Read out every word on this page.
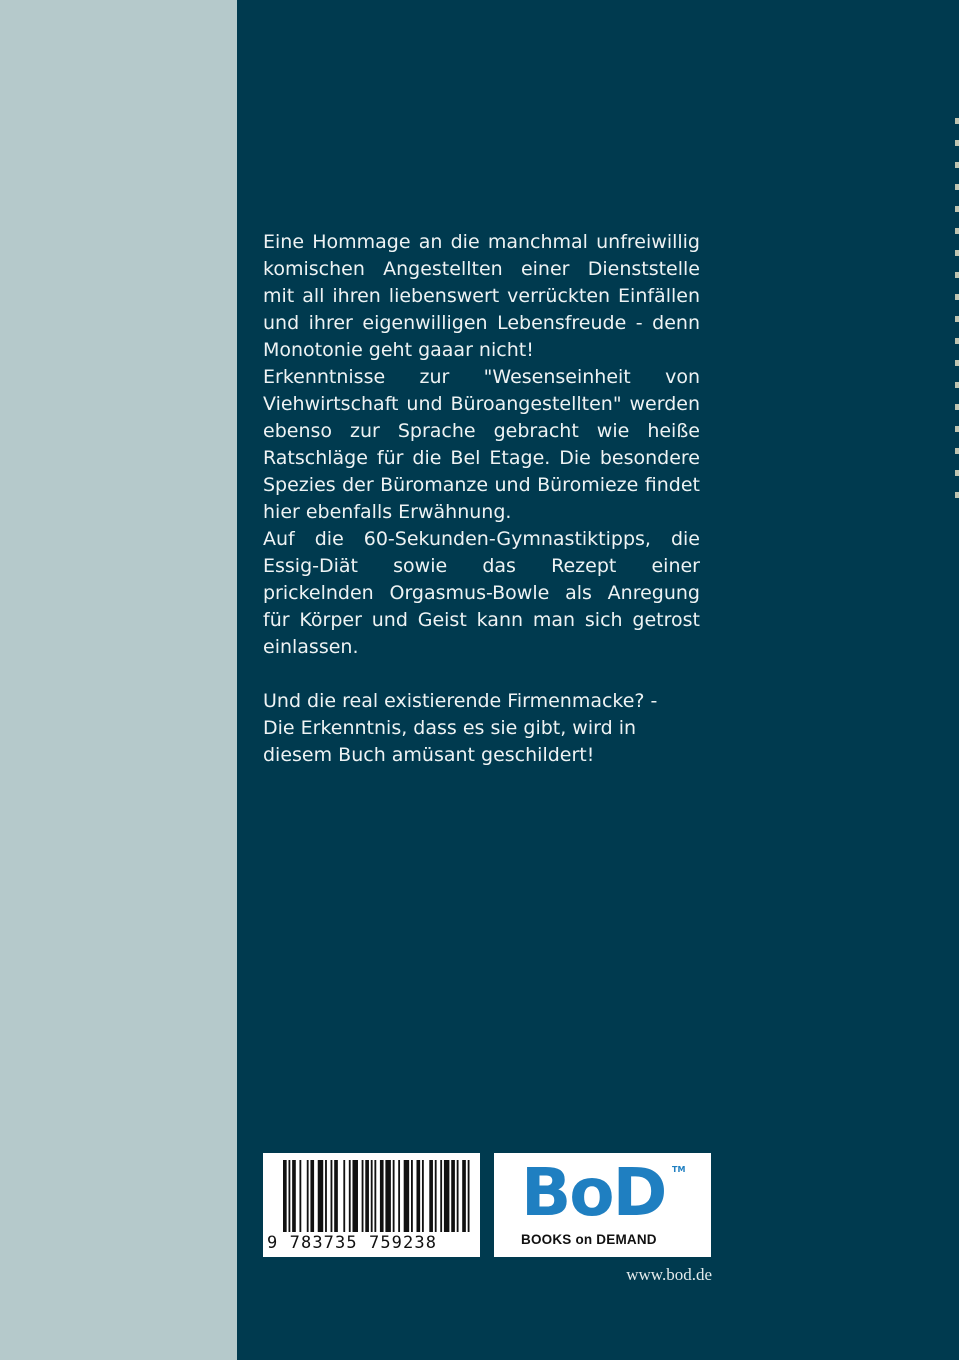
Eine Hommage an die manchmal unfreiwillig komischen Angestellten einer Dienststelle mit all ihren liebenswert verrückten Einfällen und ihrer eigenwilligen Lebensfreude - denn Monotonie geht gaaar nicht!

Erkenntnisse zur "Wesenseinheit von Viehwirtschaft und Büroangestellten" werden ebenso zur Sprache gebracht wie heiße Ratschläge für die Bel Etage. Die besondere Spezies der Büromanze und Büromieze findet hier ebenfalls Erwähnung.

Auf die 60-Sekunden-Gymnastiktipps, die Essig-Diät sowie das Rezept einer prickelnden Orgasmus-Bowle als Anregung für Körper und Geist kann man sich getrost einlassen.

Und die real existierende Firmenmacke? -

Die Erkenntnis, dass es sie gibt, wird in diesem Buch amüsant geschildert!

9 783735 759238
BoD TM
BOOKS on DEMAND
www.bod.de
